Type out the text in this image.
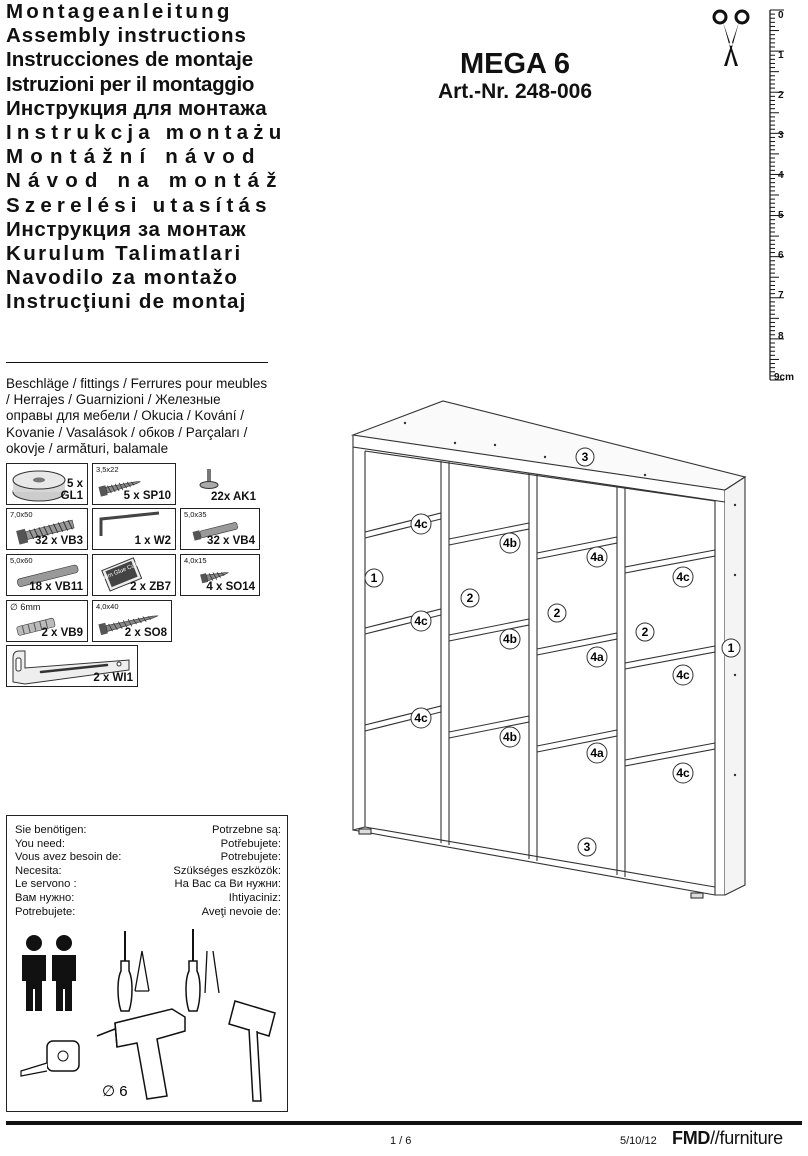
Montageanleitung
Assembly instructions
Instrucciones de montaje
Istruzioni per il montaggio
Инструкция для монтажа
Instrukcja montażu
Montážní návod
Návod na montáž
Szerelési utasítás
Инструкция за монтаж
Kurulum Talimatlari
Navodilo za montažo
Instrucţiuni de montaj
MEGA 6
Art.-Nr. 248-006
0
1
2
3
4
5
6
7
8
9cm
Beschläge / fittings / Ferrures pour meubles / Herrajes / Guarnizioni / Железные оправы для мебели / Okucia / Kování / Kovanie / Vasalások / обков / Parçaları / okovje / armături, balamale
5 x
GL1
3,5x22
5 x SP10	22x AK1
7,0x50
32 x VB3	1 x W2
5,0x35
32 x VB4
5,0x60
18 x VB11
Leim Glue Colle
2 x ZB7
4,0x15
4 x SO14
∅ 6mm
2 x VB9
4,0x40
2 x SO8
2 x WI1
1
1
2
2
2
3
3
4c
4c
4c
4b
4b
4b
4a
4a
4a
4c
4c
4c
Sie benötigen:
You need:
Vous avez besoin de:
Necesita:
Le servono :
Вам нужно:
Potrebujete:
Potrzebne są:
Potřebujete:
Potrebujete:
Szükséges eszközök:
На Вас са Ви нужни:
Ihtiyaciniz:
Aveţi nevoie de:
∅ 6
1 / 6	5/10/12 FMD//furniture
